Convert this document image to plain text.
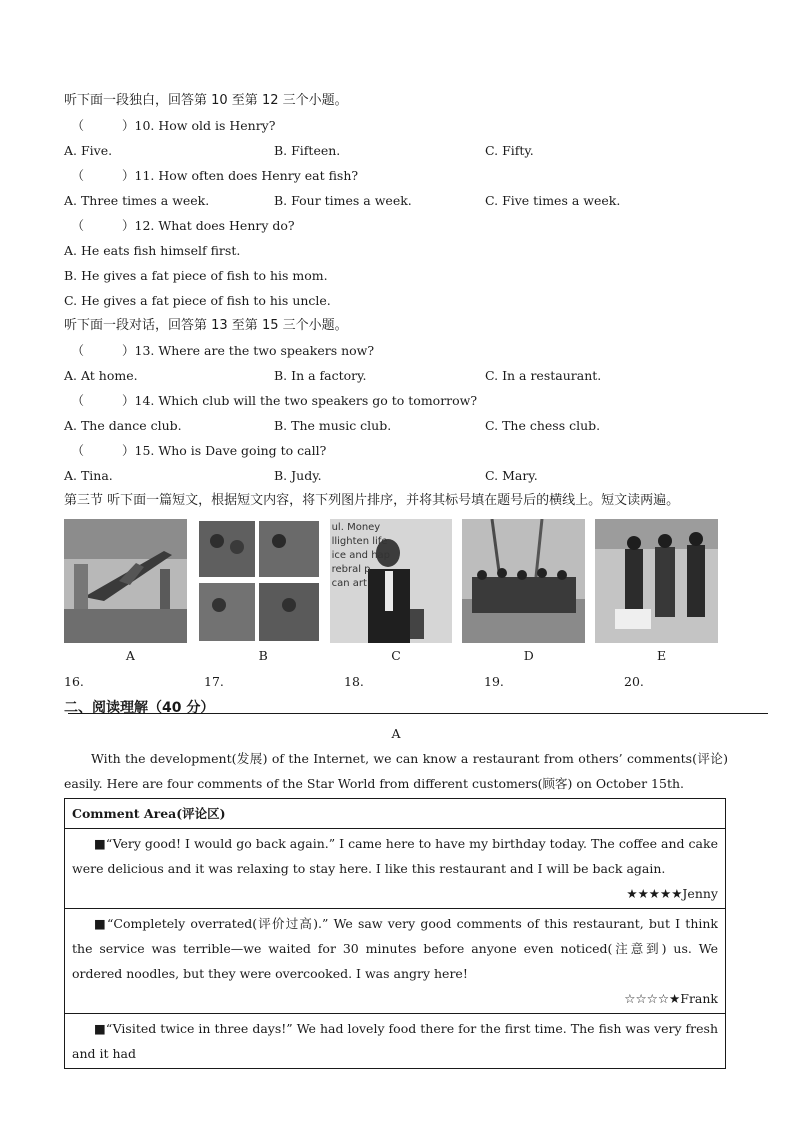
听下面一段独白，回答第 10 至第 12 三个小题。
（	）10. How old is Henry?
A. Five.	B. Fifteen.	C. Fifty.
（	）11. How often does Henry eat fish?
A. Three times a week.	B. Four times a week.	C. Five times a week.
（	）12. What does Henry do?
A. He eats fish himself first.
B. He gives a fat piece of fish to his mom.
C. He gives a fat piece of fish to his uncle.
听下面一段对话，回答第 13 至第 15 三个小题。
（	）13. Where are the two speakers now?
A. At home.	B. In a factory.	C. In a restaurant.
（	）14. Which club will the two speakers go to tomorrow?
A. The dance club.	B. The music club.	C. The chess club.
（	）15. Who is Dave going to call?
A. Tina.	B. Judy.	C. Mary.
第三节 听下面一篇短文，根据短文内容，将下列图片排序，并将其标号填在题号后的横线上。短文读两遍。
ul. Money
llighten life
ice and hap
rebral p
can art
A	B	C	D	E
16.	17.	18.	19.	20.
二、阅读理解（40 分）
A
With the development(发展) of the Internet, we can know a restaurant from others’ comments(评论) easily. Here are four comments of the Star World from different customers(顾客) on October 15th.
Comment Area(评论区)

■“Very good! I would go back again.” I came here to have my birthday today. The coffee and cake were delicious and it was relaxing to stay here. I like this restaurant and I will be back again.
★★★★★Jenny

■“Completely overrated(评价过高).” We saw very good comments of this restaurant, but I think the service was terrible—we waited for 30 minutes before anyone even noticed(注意到) us. We ordered noodles, but they were overcooked. I was angry here!
☆☆☆☆★Frank

■“Visited twice in three days!” We had lovely food there for the first time. The fish was very fresh and it had
